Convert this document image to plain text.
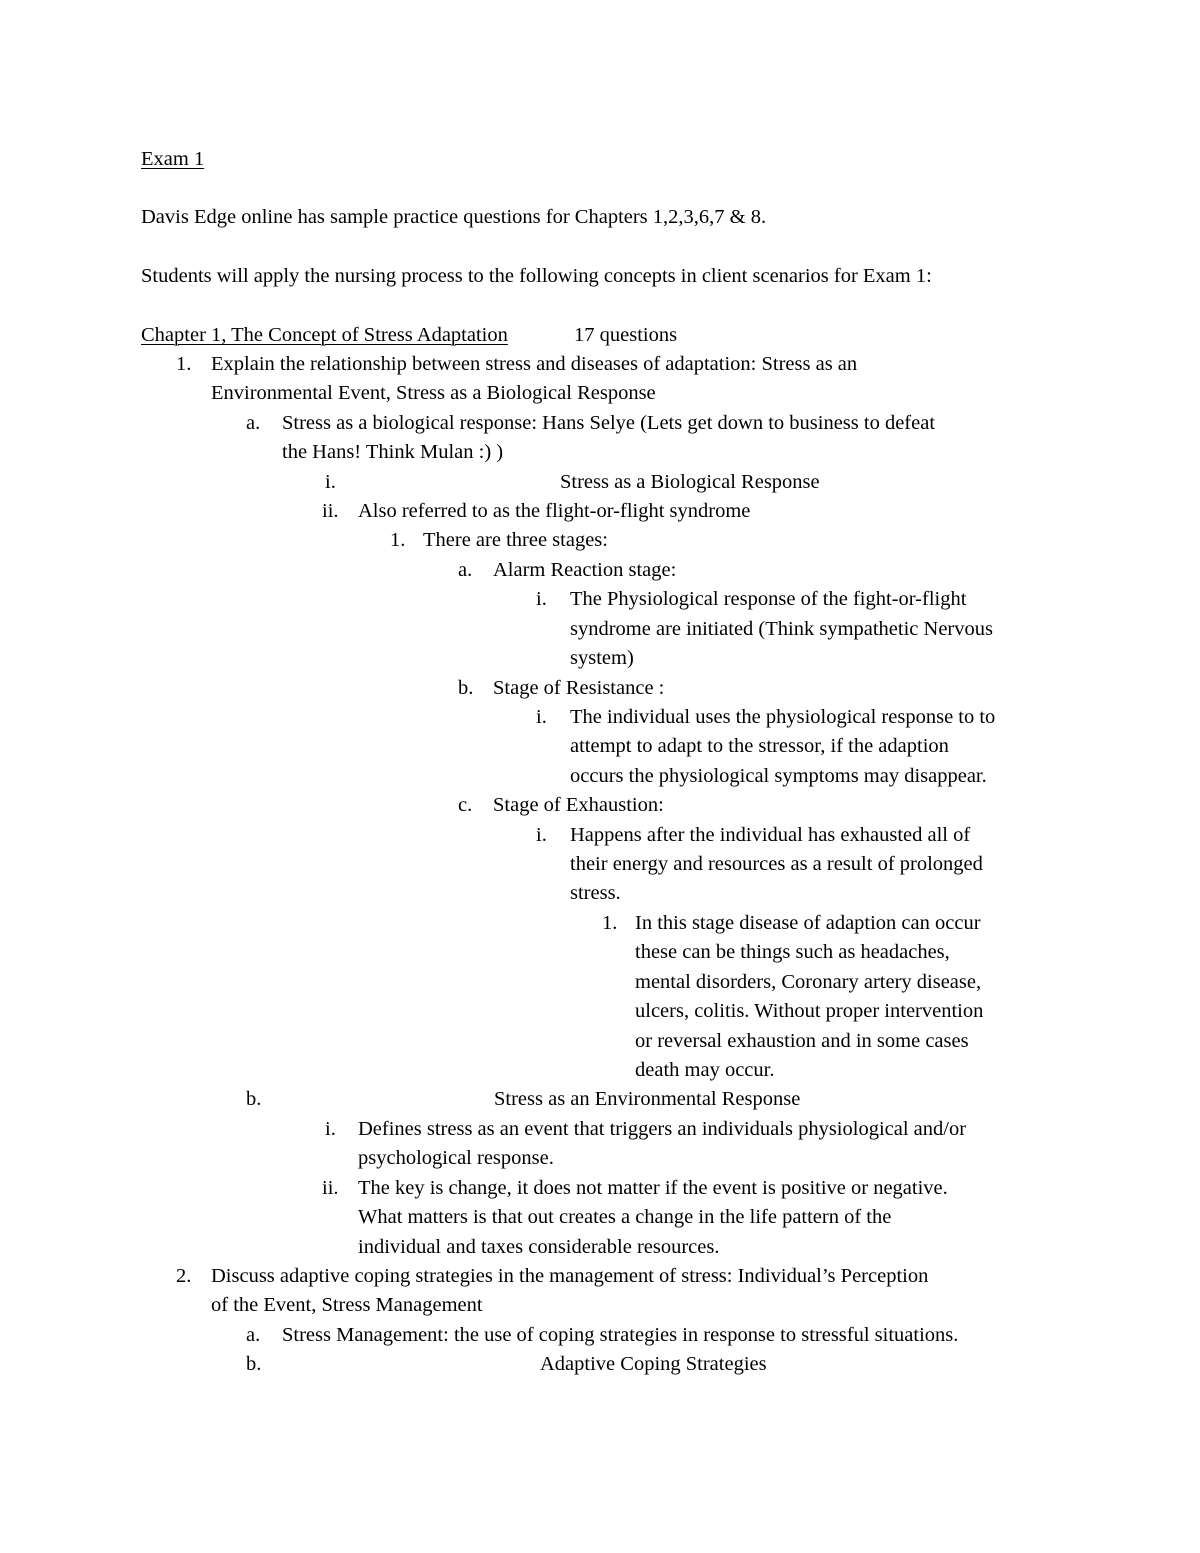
Exam 1
Davis Edge online has sample practice questions for Chapters 1,2,3,6,7 & 8.
Students will apply the nursing process to the following concepts in client scenarios for Exam 1:
Chapter 1, The Concept of Stress Adaptation	17 questions
1. Explain the relationship between stress and diseases of adaptation: Stress as an
Environmental Event, Stress as a Biological Response
a. Stress as a biological response: Hans Selye (Lets get down to business to defeat
the Hans! Think Mulan :) )
i.	Stress as a Biological Response
ii. Also referred to as the flight-or-flight syndrome
1. There are three stages:
a. Alarm Reaction stage:
i. The Physiological response of the fight-or-flight
syndrome are initiated (Think sympathetic Nervous
system)
b. Stage of Resistance :
i. The individual uses the physiological response to to
attempt to adapt to the stressor, if the adaption
occurs the physiological symptoms may disappear.
c. Stage of Exhaustion:
i. Happens after the individual has exhausted all of
their energy and resources as a result of prolonged
stress.
1. In this stage disease of adaption can occur
these can be things such as headaches,
mental disorders, Coronary artery disease,
ulcers, colitis. Without proper intervention
or reversal exhaustion and in some cases
death may occur.
b.	Stress as an Environmental Response
i. Defines stress as an event that triggers an individuals physiological and/or
psychological response.
ii. The key is change, it does not matter if the event is positive or negative.
What matters is that out creates a change in the life pattern of the
individual and taxes considerable resources.
2. Discuss adaptive coping strategies in the management of stress: Individual’s Perception
of the Event, Stress Management
a. Stress Management: the use of coping strategies in response to stressful situations.
b.	Adaptive Coping Strategies
